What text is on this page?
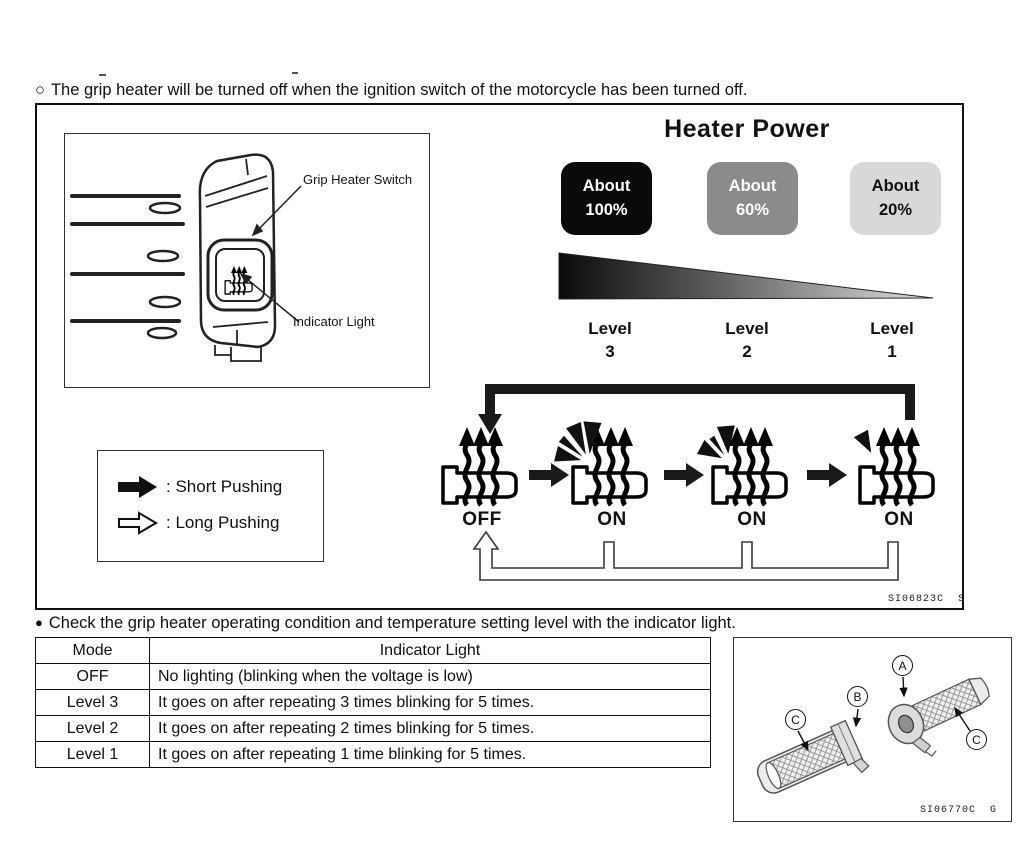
○ The grip heater will be turned off when the ignition switch of the motorcycle has been turned off.
Grip Heater Switch
Indicator Light
Heater Power
About
100%
About
60%
About
20%
Level
3
Level
2
Level
1
OFF	ON	ON	ON
SI06823C  S
: Short Pushing
: Long Pushing
● Check the grip heater operating condition and temperature setting level with the indicator light.
Mode	Indicator Light
OFF	No lighting (blinking when the voltage is low)
Level 3	It goes on after repeating 3 times blinking for 5 times.
Level 2	It goes on after repeating 2 times blinking for 5 times.
Level 1	It goes on after repeating 1 time blinking for 5 times.
A
B
C
C
SI06770C  G
